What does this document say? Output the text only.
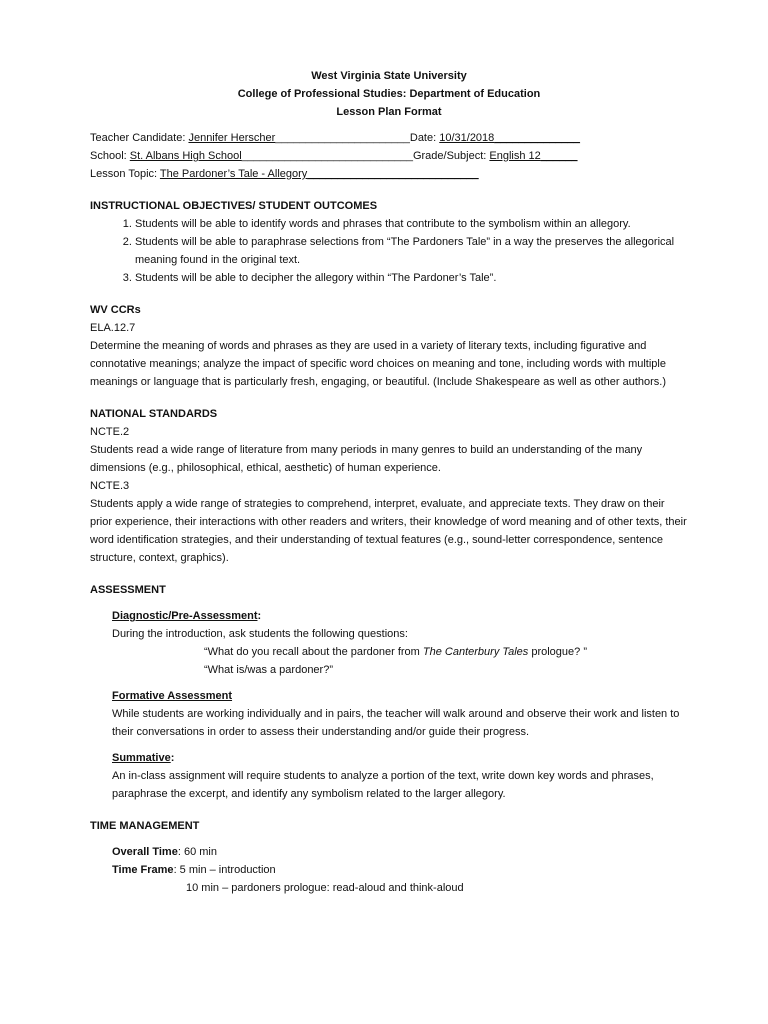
West Virginia State University

College of Professional Studies: Department of Education

Lesson Plan Format

Teacher Candidate: Jennifer Herscher______________________Date: 10/31/2018______________

School: St. Albans High School____________________________Grade/Subject: English 12______

Lesson Topic: The Pardoner’s Tale - Allegory____________________________

INSTRUCTIONAL OBJECTIVES/ STUDENT OUTCOMES
1. Students will be able to identify words and phrases that contribute to the symbolism within an allegory.
2. Students will be able to paraphrase selections from “The Pardoners Tale” in a way the preserves the allegorical meaning found in the original text.
3. Students will be able to decipher the allegory within “The Pardoner’s Tale”.
WV CCRs

ELA.12.7

Determine the meaning of words and phrases as they are used in a variety of literary texts, including figurative and connotative meanings; analyze the impact of specific word choices on meaning and tone, including words with multiple meanings or language that is particularly fresh, engaging, or beautiful. (Include Shakespeare as well as other authors.)

NATIONAL STANDARDS

NCTE.2

Students read a wide range of literature from many periods in many genres to build an understanding of the many dimensions (e.g., philosophical, ethical, aesthetic) of human experience.

NCTE.3

Students apply a wide range of strategies to comprehend, interpret, evaluate, and appreciate texts. They draw on their prior experience, their interactions with other readers and writers, their knowledge of word meaning and of other texts, their word identification strategies, and their understanding of textual features (e.g., sound-letter correspondence, sentence structure, context, graphics).

ASSESSMENT

Diagnostic/Pre-Assessment:

During the introduction, ask students the following questions:

“What do you recall about the pardoner from The Canterbury Tales prologue? ”

“What is/was a pardoner?”

Formative Assessment

While students are working individually and in pairs, the teacher will walk around and observe their work and listen to their conversations in order to assess their understanding and/or guide their progress.

Summative:

An in-class assignment will require students to analyze a portion of the text, write down key words and phrases, paraphrase the excerpt, and identify any symbolism related to the larger allegory.

TIME MANAGEMENT

Overall Time: 60 min

Time Frame: 5 min – introduction

10 min – pardoners prologue: read-aloud and think-aloud
